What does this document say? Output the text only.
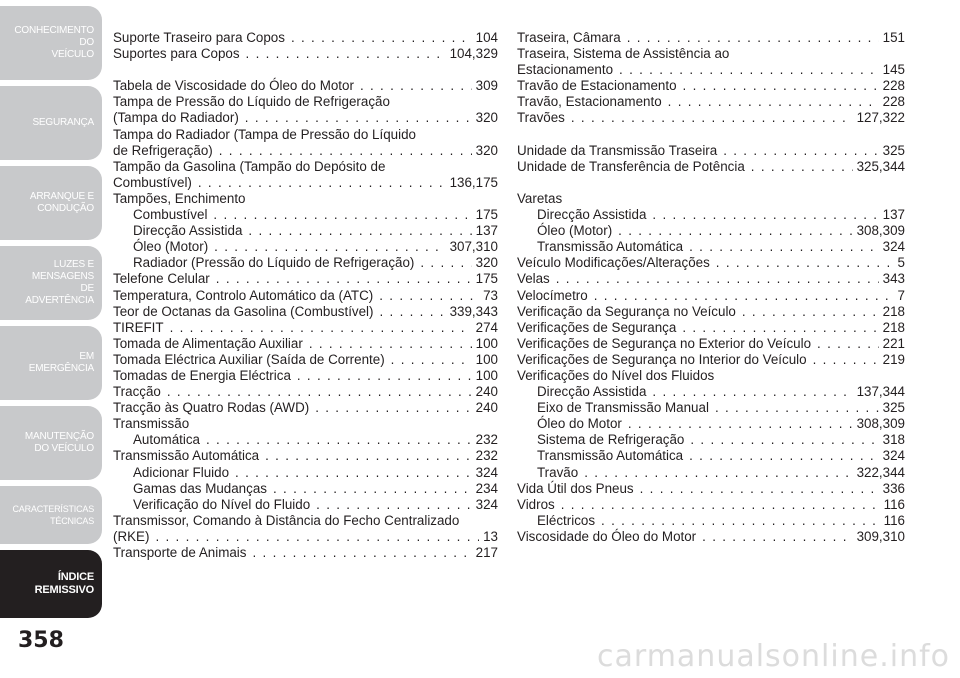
CONHECIMENTO
DO
VEÍCULO
SEGURANÇA
ARRANQUE E
CONDUÇÃO
LUZES E
MENSAGENS
DE
ADVERTÊNCIA
EM
EMERGÊNCIA
MANUTENÇÃO
DO VEÍCULO
CARACTERÍSTICAS
TÉCNICAS
ÍNDICE
REMISSIVO
358
Suporte Traseiro para Copos . . .	104
Suportes para Copos . . .	104,329
Tabela de Viscosidade do Óleo do Motor . . .	309
Tampa de Pressão do Líquido de Refrigeração
(Tampa do Radiador) . . .	320
Tampa do Radiador (Tampa de Pressão do Líquido
de Refrigeração) . . .	320
Tampão da Gasolina (Tampão do Depósito de
Combustível) . . .	136,175
Tampões, Enchimento
Combustível . . .	175
Direcção Assistida . . .	137
Óleo (Motor) . . .	307,310
Radiador (Pressão do Líquido de Refrigeração) . . .	320
Telefone Celular . . .	175
Temperatura, Controlo Automático da (ATC) . . .	73
Teor de Octanas da Gasolina (Combustível) . . .	339,343
TIREFIT . . .	274
Tomada de Alimentação Auxiliar . . .	100
Tomada Eléctrica Auxiliar (Saída de Corrente) . . .	100
Tomadas de Energia Eléctrica . . .	100
Tracção . . .	240
Tracção às Quatro Rodas (AWD) . . .	240
Transmissão
Automática . . .	232
Transmissão Automática . . .	232
Adicionar Fluido . . .	324
Gamas das Mudanças . . .	234
Verificação do Nível do Fluido . . .	324
Transmissor, Comando à Distância do Fecho Centralizado
(RKE) . . .	13
Transporte de Animais . . .	217
Traseira, Câmara . . .	151
Traseira, Sistema de Assistência ao
Estacionamento . . .	145
Travão de Estacionamento . . .	228
Travão, Estacionamento . . .	228
Travões . . .	127,322
Unidade da Transmissão Traseira . . .	325
Unidade de Transferência de Potência . . .	325,344
Varetas
Direcção Assistida . . .	137
Óleo (Motor) . . .	308,309
Transmissão Automática . . .	324
Veículo Modificações/Alterações . . .	5
Velas . . .	343
Velocímetro . . .	7
Verificação da Segurança no Veículo . . .	218
Verificações de Segurança . . .	218
Verificações de Segurança no Exterior do Veículo . . .	221
Verificações de Segurança no Interior do Veículo . . .	219
Verificações do Nível dos Fluidos
Direcção Assistida . . .	137,344
Eixo de Transmissão Manual . . .	325
Óleo do Motor . . .	308,309
Sistema de Refrigeração . . .	318
Transmissão Automática . . .	324
Travão . . .	322,344
Vida Útil dos Pneus . . .	336
Vidros . . .	116
Eléctricos . . .	116
Viscosidade do Óleo do Motor . . .	309,310
carmanualsonline.info
